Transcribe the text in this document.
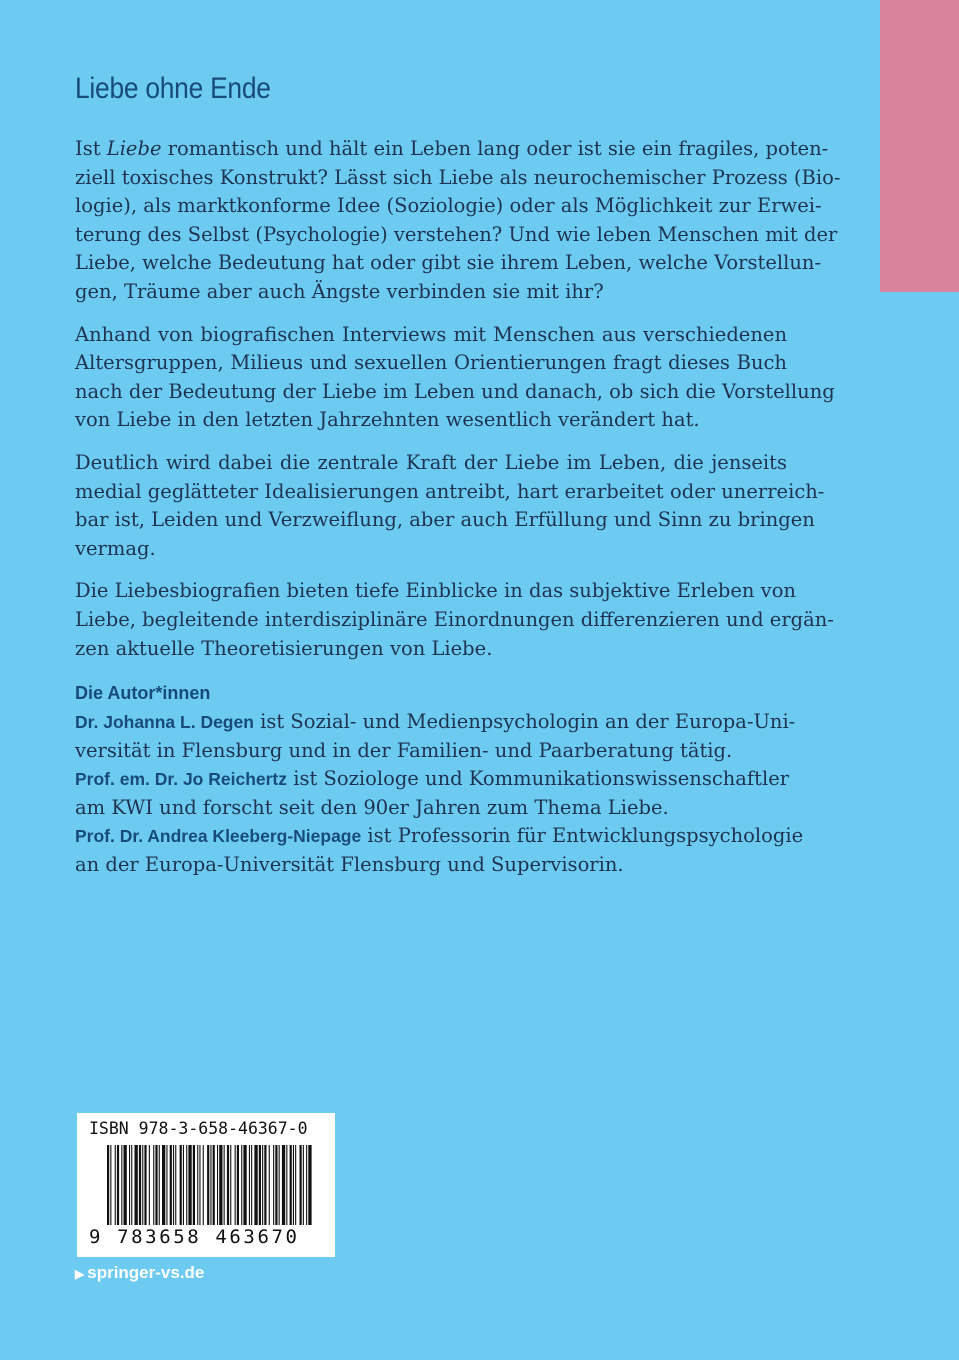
Liebe ohne Ende
Ist Liebe romantisch und hält ein Leben lang oder ist sie ein fragiles, poten-
ziell toxisches Konstrukt? Lässt sich Liebe als neurochemischer Prozess (Bio-
logie), als marktkonforme Idee (Soziologie) oder als Möglichkeit zur Erwei-
terung des Selbst (Psychologie) verstehen? Und wie leben Menschen mit der
Liebe, welche Bedeutung hat oder gibt sie ihrem Leben, welche Vorstellun-
gen, Träume aber auch Ängste verbinden sie mit ihr?
Anhand von biografischen Interviews mit Menschen aus verschiedenen
Altersgruppen, Milieus und sexuellen Orientierungen fragt dieses Buch
nach der Bedeutung der Liebe im Leben und danach, ob sich die Vorstellung
von Liebe in den letzten Jahrzehnten wesentlich verändert hat.
Deutlich wird dabei die zentrale Kraft der Liebe im Leben, die jenseits
medial geglätteter Idealisierungen antreibt, hart erarbeitet oder unerreich-
bar ist, Leiden und Verzweiflung, aber auch Erfüllung und Sinn zu bringen
vermag.
Die Liebesbiografien bieten tiefe Einblicke in das subjektive Erleben von
Liebe, begleitende interdisziplinäre Einordnungen differenzieren und ergän-
zen aktuelle Theoretisierungen von Liebe.
Die Autor*innen
Dr. Johanna L. Degen ist Sozial- und Medienpsychologin an der Europa-Uni-
versität in Flensburg und in der Familien- und Paarberatung tätig.
Prof. em. Dr. Jo Reichertz ist Soziologe und Kommunikationswissenschaftler
am KWI und forscht seit den 90er Jahren zum Thema Liebe.
Prof. Dr. Andrea Kleeberg-Niepage ist Professorin für Entwicklungspsychologie
an der Europa-Universität Flensburg und Supervisorin.
ISBN 978-3-658-46367-0
9 783658 463670
▶ springer-vs.de
